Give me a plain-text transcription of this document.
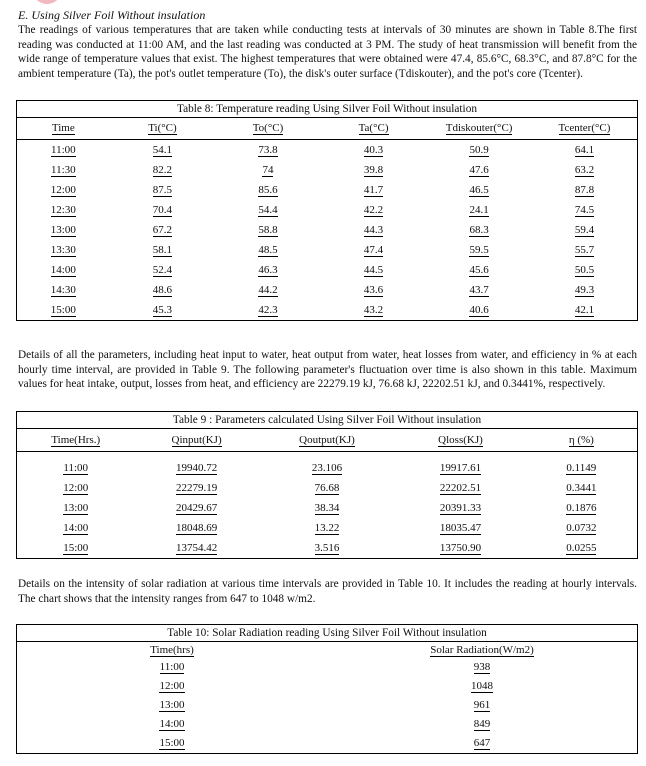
E. Using Silver Foil Without insulation

The readings of various temperatures that are taken while conducting tests at intervals of 30 minutes are shown in Table 8.The first reading was conducted at 11:00 AM, and the last reading was conducted at 3 PM. The study of heat transmission will benefit from the wide range of temperature values that exist. The highest temperatures that were obtained were 47.4, 85.6°C, 68.3°C, and 87.8°C for the ambient temperature (Ta), the pot's outlet temperature (To), the disk's outer surface (Tdiskouter), and the pot's core (Tcenter).

Table 8: Temperature reading Using Silver Foil Without insulation					
Time	Ti(°C)	To(°C)	Ta(°C)	Tdiskouter(°C)	Tcenter(°C)
11:00	54.1	73.8	40.3	50.9	64.1
11:30	82.2	74	39.8	47.6	63.2
12:00	87.5	85.6	41.7	46.5	87.8
12:30	70.4	54.4	42.2	24.1	74.5
13:00	67.2	58.8	44.3	68.3	59.4
13:30	58.1	48.5	47.4	59.5	55.7
14:00	52.4	46.3	44.5	45.6	50.5
14:30	48.6	44.2	43.6	43.7	49.3
15:00	45.3	42.3	43.2	40.6	42.1

Details of all the parameters, including heat input to water, heat output from water, heat losses from water, and efficiency in % at each hourly time interval, are provided in Table 9. The following parameter's fluctuation over time is also shown in this table. Maximum values for heat intake, output, losses from heat, and efficiency are 22279.19 kJ, 76.68 kJ, 22202.51 kJ, and 0.3441%, respectively.

Table 9 : Parameters calculated Using Silver Foil Without insulation				
Time(Hrs.)	Qinput(KJ)	Qoutput(KJ)	Qloss(KJ)	η (%)

11:00	19940.72	23.106	19917.61	0.1149
12:00	22279.19	76.68	22202.51	0.3441
13:00	20429.67	38.34	20391.33	0.1876
14:00	18048.69	13.22	18035.47	0.0732
15:00	13754.42	3.516	13750.90	0.0255

Details on the intensity of solar radiation at various time intervals are provided in Table 10. It includes the reading at hourly intervals. The chart shows that the intensity ranges from 647 to 1048 w/m2.

Table 10: Solar Radiation reading Using Silver Foil Without insulation	
Time(hrs)	Solar Radiation(W/m2)
11:00	938
12:00	1048
13:00	961
14:00	849
15:00	647
